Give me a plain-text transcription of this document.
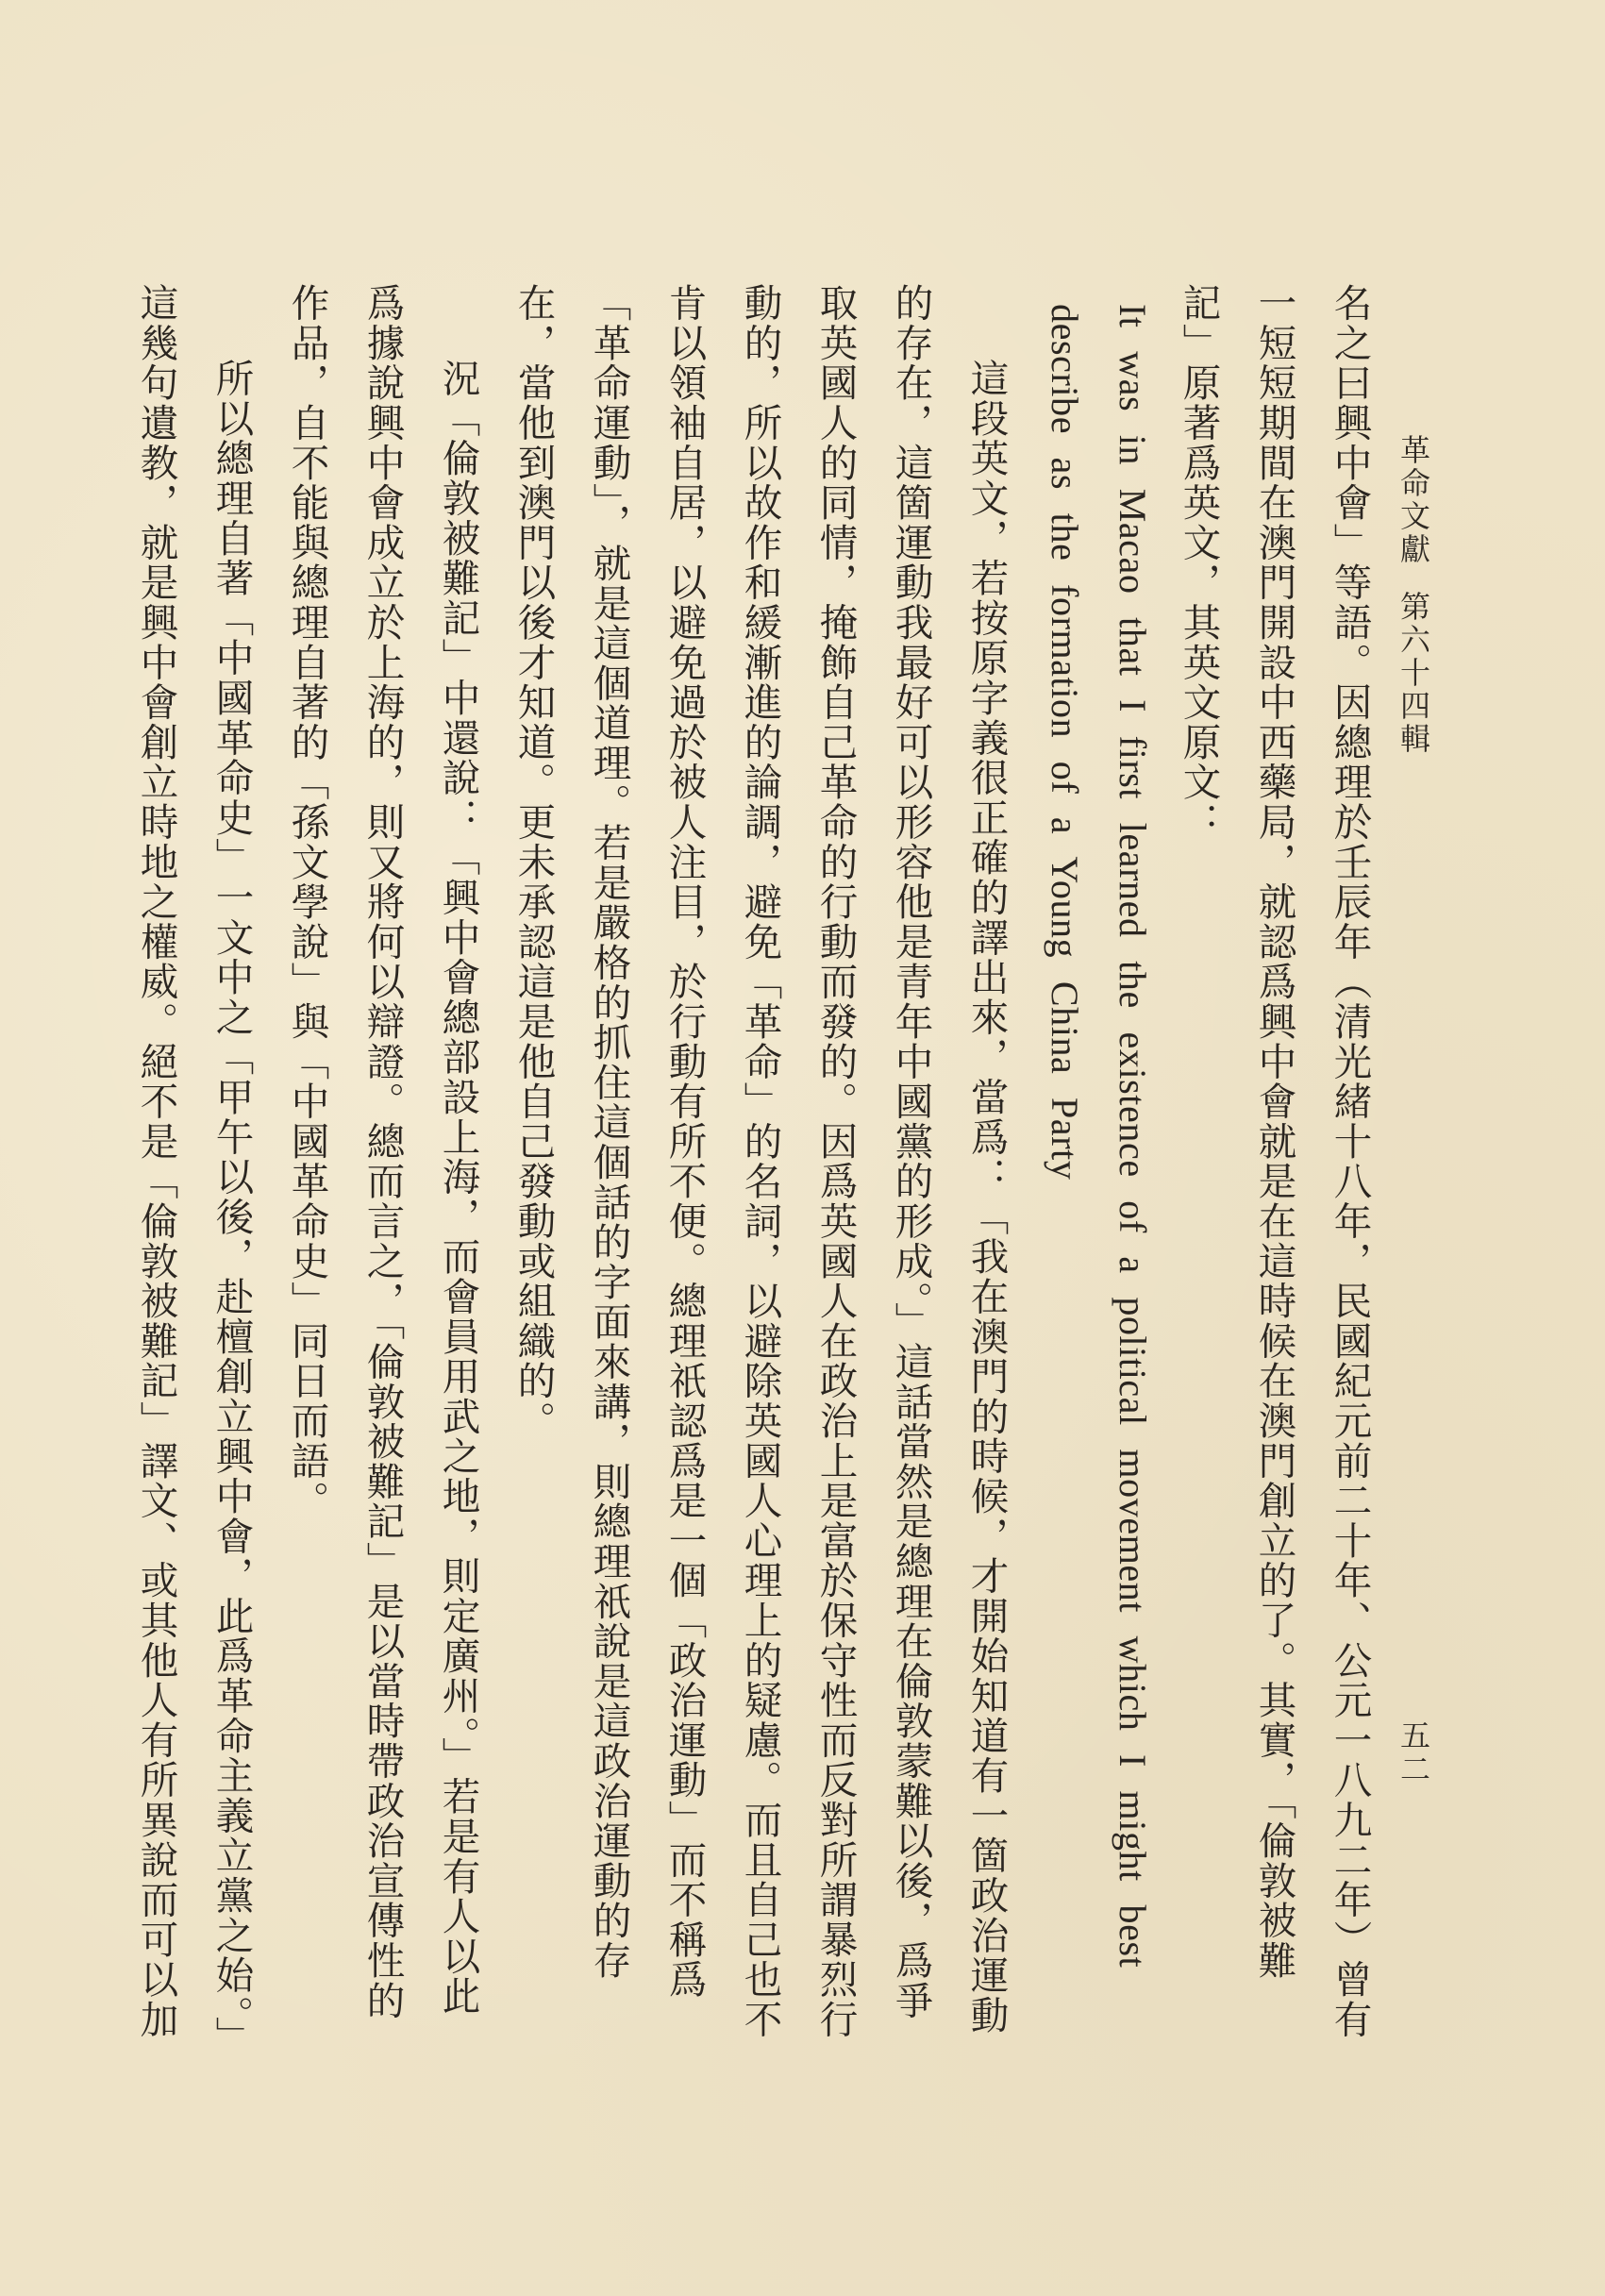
革命文獻第六十四輯
五二
名之曰興中會」等語。因總理於壬辰年（清光緒十八年，民國紀元前二十年、公元一八九二年）曾有
一短短期間在澳門開設中西藥局，就認爲興中會就是在這時候在澳門創立的了。其實，「倫敦被難
記」原著爲英文，其英文原文：
It was in Macao that I first learned the existence of a political movement which I might best
describe as the formation of a Young China Party
這段英文，若按原字義很正確的譯出來，當爲：「我在澳門的時候，才開始知道有一箇政治運動
的存在，這箇運動我最好可以形容他是青年中國黨的形成。」這話當然是總理在倫敦蒙難以後，爲爭
取英國人的同情，掩飾自己革命的行動而發的。因爲英國人在政治上是富於保守性而反對所謂暴烈行
動的，所以故作和緩漸進的論調，避免「革命」的名詞，以避除英國人心理上的疑慮。而且自己也不
肯以領袖自居，以避免過於被人注目，於行動有所不便。總理祇認爲是一個「政治運動」而不稱爲
「革命運動」，就是這個道理。若是嚴格的抓住這個話的字面來講，則總理祇說是這政治運動的存
在，當他到澳門以後才知道。更未承認這是他自己發動或組織的。
況「倫敦被難記」中還說：「興中會總部設上海，而會員用武之地，則定廣州。」若是有人以此
爲據說興中會成立於上海的，則又將何以辯證。總而言之，「倫敦被難記」是以當時帶政治宣傳性的
作品，自不能與總理自著的「孫文學說」與「中國革命史」同日而語。
所以總理自著「中國革命史」一文中之「甲午以後，赴檀創立興中會，此爲革命主義立黨之始。」
這幾句遺教，就是興中會創立時地之權威。絕不是「倫敦被難記」譯文、或其他人有所異說而可以加
